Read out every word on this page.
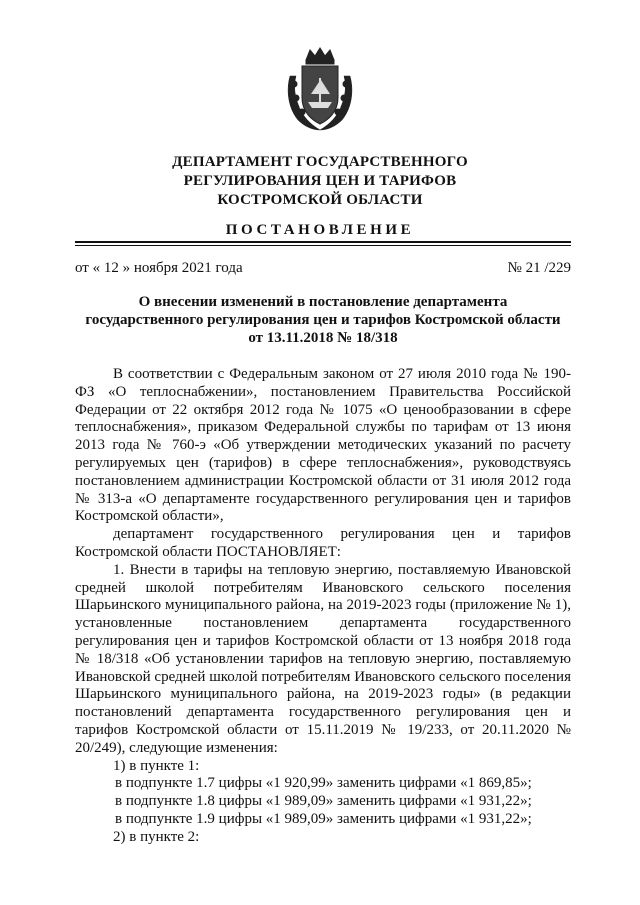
ДЕПАРТАМЕНТ ГОСУДАРСТВЕННОГО
РЕГУЛИРОВАНИЯ ЦЕН И ТАРИФОВ
КОСТРОМСКОЙ ОБЛАСТИ
ПОСТАНОВЛЕНИЕ
от « 12 » ноября 2021 года	№ 21 /229
О внесении изменений в постановление департамента
государственного регулирования цен и тарифов Костромской области
от 13.11.2018 № 18/318

В соответствии с Федеральным законом от 27 июля 2010 года № 190-ФЗ «О теплоснабжении», постановлением Правительства Российской Федерации от 22 октября 2012 года № 1075 «О ценообразовании в сфере теплоснабжения», приказом Федеральной службы по тарифам от 13 июня 2013 года № 760-э «Об утверждении методических указаний по расчету регулируемых цен (тарифов) в сфере теплоснабжения», руководствуясь постановлением администрации Костромской области от 31 июля 2012 года № 313-а «О департаменте государственного регулирования цен и тарифов Костромской области»,

департамент государственного регулирования цен и тарифов Костромской области ПОСТАНОВЛЯЕТ:

1. Внести в тарифы на тепловую энергию, поставляемую Ивановской средней школой потребителям Ивановского сельского поселения Шарьинского муниципального района, на 2019-2023 годы (приложение № 1), установленные постановлением департамента государственного регулирования цен и тарифов Костромской области от 13 ноября 2018 года № 18/318 «Об установлении тарифов на тепловую энергию, поставляемую Ивановской средней школой потребителям Ивановского сельского поселения Шарьинского муниципального района, на 2019-2023 годы» (в редакции постановлений департамента государственного регулирования цен и тарифов Костромской области от 15.11.2019 № 19/233, от 20.11.2020 № 20/249), следующие изменения:

1) в пункте 1:

в подпункте 1.7 цифры «1 920,99» заменить цифрами «1 869,85»;
в подпункте 1.8 цифры «1 989,09» заменить цифрами «1 931,22»;
в подпункте 1.9 цифры «1 989,09» заменить цифрами «1 931,22»;

2) в пункте 2:
